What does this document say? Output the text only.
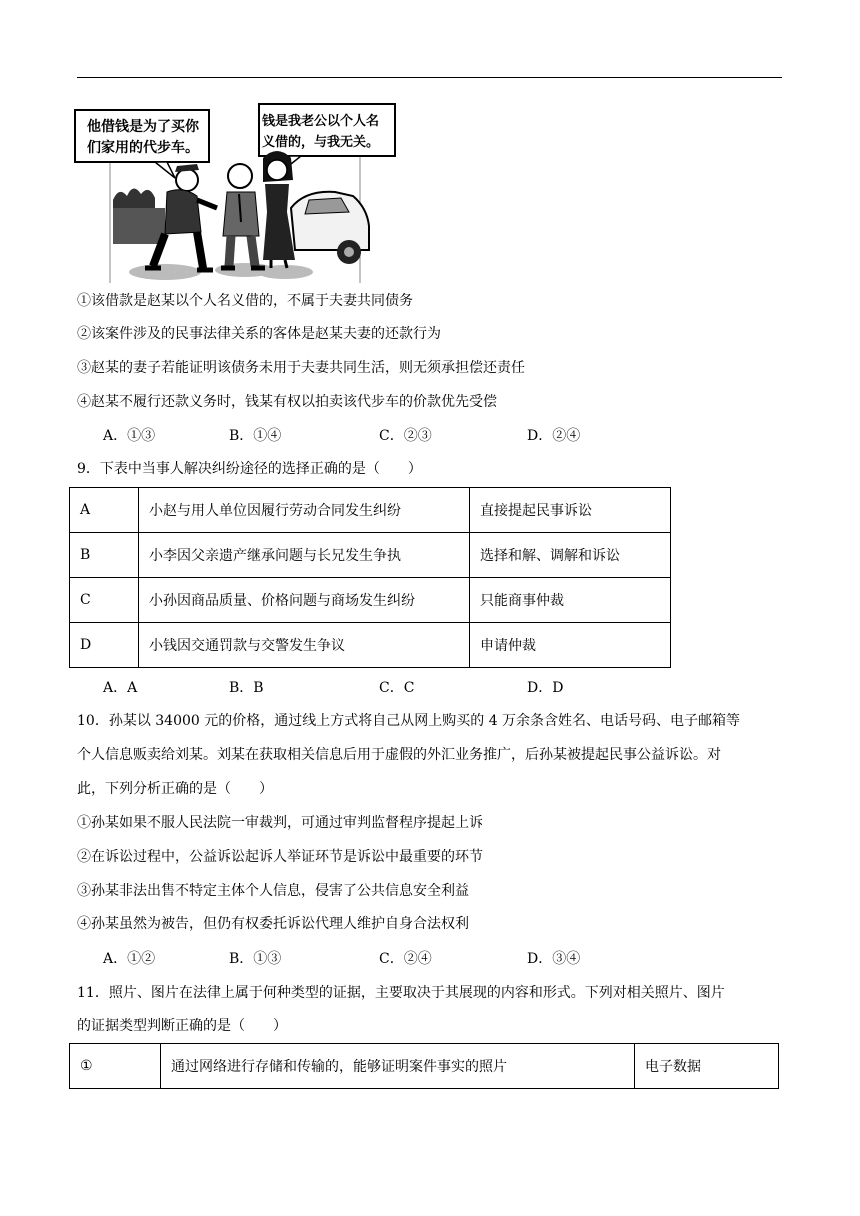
他借钱是为了买你
们家用的代步车。
钱是我老公以个人名
义借的，与我无关。
①该借款是赵某以个人名义借的，不属于夫妻共同债务
②该案件涉及的民事法律关系的客体是赵某夫妻的还款行为
③赵某的妻子若能证明该债务未用于夫妻共同生活，则无须承担偿还责任
④赵某不履行还款义务时，钱某有权以拍卖该代步车的价款优先受偿
A．①③	B．①④	C．②③	D．②④
9．下表中当事人解决纠纷途径的选择正确的是（　　）
A	小赵与用人单位因履行劳动合同发生纠纷	直接提起民事诉讼
B	小李因父亲遗产继承问题与长兄发生争执	选择和解、调解和诉讼
C	小孙因商品质量、价格问题与商场发生纠纷	只能商事仲裁
D	小钱因交通罚款与交警发生争议	申请仲裁
A．A	B．B	C．C	D．D
10．孙某以 34000 元的价格，通过线上方式将自己从网上购买的 4 万余条含姓名、电话号码、电子邮箱等
个人信息贩卖给刘某。刘某在获取相关信息后用于虚假的外汇业务推广，后孙某被提起民事公益诉讼。对
此，下列分析正确的是（　　）
①孙某如果不服人民法院一审裁判，可通过审判监督程序提起上诉
②在诉讼过程中，公益诉讼起诉人举证环节是诉讼中最重要的环节
③孙某非法出售不特定主体个人信息，侵害了公共信息安全利益
④孙某虽然为被告，但仍有权委托诉讼代理人维护自身合法权利
A．①②	B．①③	C．②④	D．③④
11．照片、图片在法律上属于何种类型的证据，主要取决于其展现的内容和形式。下列对相关照片、图片
的证据类型判断正确的是（　　）
①	通过网络进行存储和传输的，能够证明案件事实的照片	电子数据
